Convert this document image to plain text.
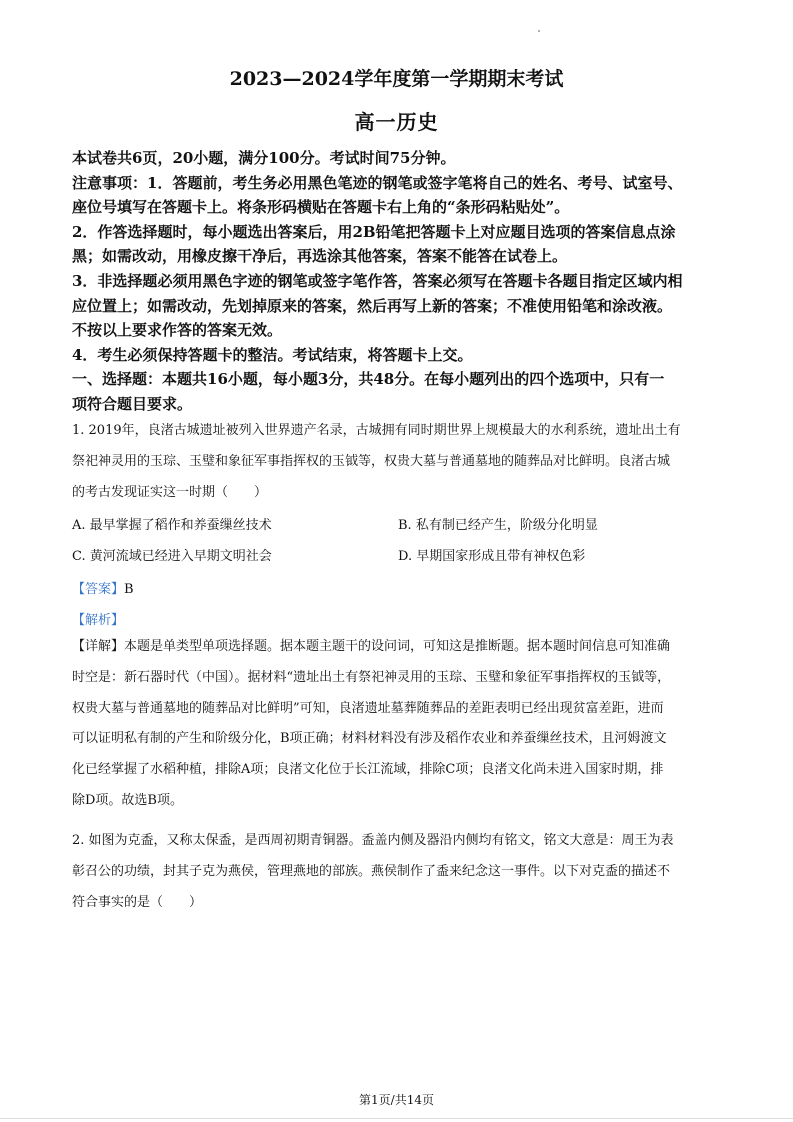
2023—2024学年度第一学期期末考试
高一历史

本试卷共6页，20小题，满分100分。考试时间75分钟。

注意事项：1．答题前，考生务必用黑色笔迹的钢笔或签字笔将自己的姓名、考号、试室号、

座位号填写在答题卡上。将条形码横贴在答题卡右上角的“条形码粘贴处”。

2．作答选择题时，每小题选出答案后，用2B铅笔把答题卡上对应题目选项的答案信息点涂

黑；如需改动，用橡皮擦干净后，再选涂其他答案，答案不能答在试卷上。

3．非选择题必须用黑色字迹的钢笔或签字笔作答，答案必须写在答题卡各题目指定区域内相

应位置上；如需改动，先划掉原来的答案，然后再写上新的答案；不准使用铅笔和涂改液。

不按以上要求作答的答案无效。

4．考生必须保持答题卡的整洁。考试结束，将答题卡上交。

一、选择题：本题共16小题，每小题3分，共48分。在每小题列出的四个选项中，只有一

项符合题目要求。

1. 2019年，良渚古城遗址被列入世界遗产名录，古城拥有同时期世界上规模最大的水利系统，遗址出土有

祭祀神灵用的玉琮、玉璧和象征军事指挥权的玉钺等，权贵大墓与普通墓地的随葬品对比鲜明。良渚古城

的考古发现证实这一时期（　　）

A. 最早掌握了稻作和养蚕缫丝技术	B. 私有制已经产生，阶级分化明显
C. 黄河流域已经进入早期文明社会	D. 早期国家形成且带有神权色彩
【答案】B
【解析】

【详解】本题是单类型单项选择题。据本题主题干的设问词，可知这是推断题。据本题时间信息可知准确

时空是：新石器时代（中国）。据材料“遗址出土有祭祀神灵用的玉琮、玉璧和象征军事指挥权的玉钺等，

权贵大墓与普通墓地的随葬品对比鲜明”可知，良渚遗址墓葬随葬品的差距表明已经出现贫富差距，进而

可以证明私有制的产生和阶级分化，B项正确；材料材料没有涉及稻作农业和养蚕缫丝技术，且河姆渡文

化已经掌握了水稻种植，排除A项；良渚文化位于长江流域，排除C项；良渚文化尚未进入国家时期，排

除D项。故选B项。

2. 如图为克盉，又称太保盉，是西周初期青铜器。盉盖内侧及器沿内侧均有铭文，铭文大意是：周王为表

彰召公的功绩，封其子克为燕侯，管理燕地的部族。燕侯制作了盉来纪念这一事件。以下对克盉的描述不

符合事实的是（　　）

第1页/共14页
